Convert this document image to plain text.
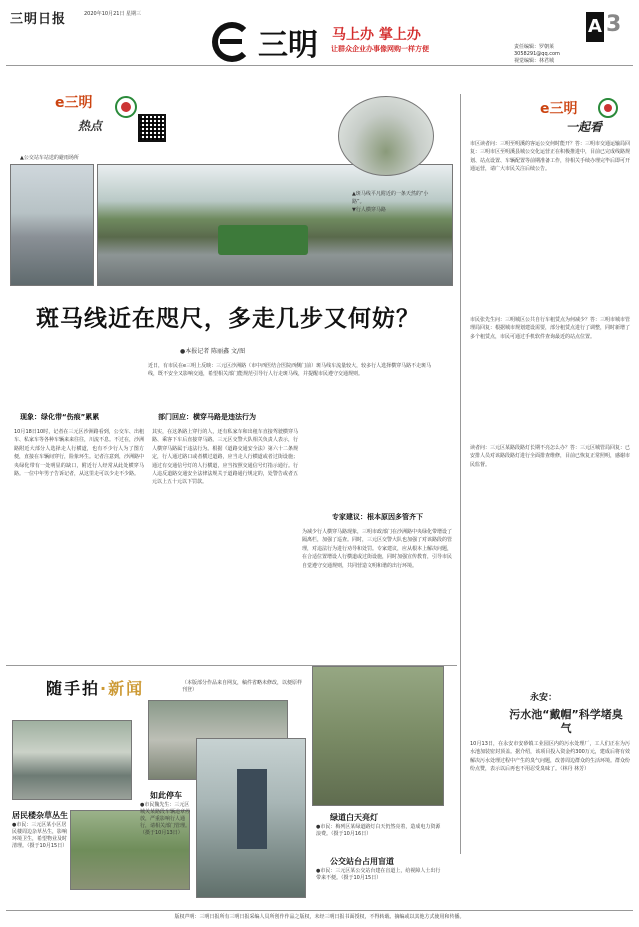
三明日报	2020年10月21日 星期三
三明 马上办 掌上办
让群众企业办事像网购一样方便
A 3
责任编辑：罗朝莱
3058291@qq.com
视觉编辑：林君城
e三明
热点
▲公交站车站送的避雨场所
▲斑马线平凡附近的一条天然的“小路”。
▼行人横穿马路
斑马线近在咫尺，多走几步又何妨？
●本报记者 陈丽鑫 文/图
近日，有市民在e三明上反映：三元区沙洲路（市中西医结合医院西侧门前）斑马线车流量较大，较多行人选择横穿马路不走斑马线，既不安全又影响交通，希望相关部门能规范引导行人行走斑马线，并提醒市民遵守交通规则。
现象：绿化带“伤痕”累累
10月18日10时，记者在三元区沙洲路看到，公交车、出租车、私家车等各种车辆来来往往，川流不息。不过在，沙洲路附近大部分人选择走人行横道，也有不少行人为了图方便，直接在车辆间穿行，险象环生。记者注意到，沙洲路中央绿化带有一处明显的缺口，附近行人经常从此处横穿马路。一位中年男子告诉记者，从这里走可以少走不少路。
部门回应：横穿马路是违法行为
其实，在这条路上穿行的人，还有私家车和出租车直接驾驶横穿马路、乘客下车后直接穿马路。三元区交警大队相关负责人表示，行人横穿马路属于违法行为。根据《道路交通安全法》第六十二条规定，行人通过路口或者横过道路，应当走人行横道或者过街设施；通过有交通信号灯的人行横道，应当按照交通信号灯指示通行。行人违反道路交通安全法律法规关于道路通行规定的，处警告或者五元以上五十元以下罚款。
专家建议：根本原因多管齐下
为减少行人横穿马路现象，三明市政部门在沙洲路中央绿化带增设了隔离栏，加强了巡查。同时，三元区交警大队也加强了对该路段的管理，对违法行为进行劝导和处罚。专家建议，应从根本上解决问题，在合适位置增设人行横道或过街设施，同时加强宣传教育，引导市民自觉遵守交通规则，共同营造文明和谐的出行环境。
e三明
一起看
市区读者问：三明至明溪的客运公交何时能开？答：三明市交通运输局回复：三明市区至明溪县城公交化运营正在积极推进中，目前已完成线路规划、站点设置、车辆配置等前期准备工作，待相关手续办理完毕后即可开通运营，请广大市民关注后续公告。
市民张先生问：三明城区公共自行车租赁点为何减少？答：三明市城市管理局回复：根据城市规划建设需要，部分租赁点进行了调整，同时新增了多个租赁点，市民可通过手机软件查询最近的站点位置。
读者问：三元区某路段路灯长期不亮怎么办？答：三元区城管局回复：已安排人员对该路段路灯进行全面排查维修，目前已恢复正常照明，感谢市民监督。
永安：
污水池“戴帽”科学堵臭气
10月13日，在永安市安砂镇工业园区内的污水处理厂，工人们正在为污水池加装密封顶盖。据介绍，该项目投入资金约300万元，建成后将有效解决污水处理过程中产生的臭气问题，改善周边群众的生活环境。群众纷纷点赞，表示以后再也不用忍受臭味了。（林丹 林芳）
随手拍·新闻	（本版部分作品来自网友，稿件省略未修改，以便原样刊登）
如此停车
●市民魏先生：三元区城关某路段车辆违章停放，严重影响行人通行，请相关部门管理。（摄于10月13日）
居民楼杂草丛生
●市民：三元区某小区居民楼周边杂草丛生，影响环境卫生，希望物业及时清理。（摄于10月15日）
绿道白天亮灯
●市民：梅列区某绿道路灯白天仍然亮着，造成电力资源浪费。（摄于10月16日）
公交站台占用盲道
●市民：三元区某公交站台建在盲道上，给视障人士出行带来不便。（摄于10月15日）
版权声明：三明日报所有三明日报采编人员所创作作品之版权，未经三明日报书面授权，不得转载、摘编或以其他方式使用和传播。
